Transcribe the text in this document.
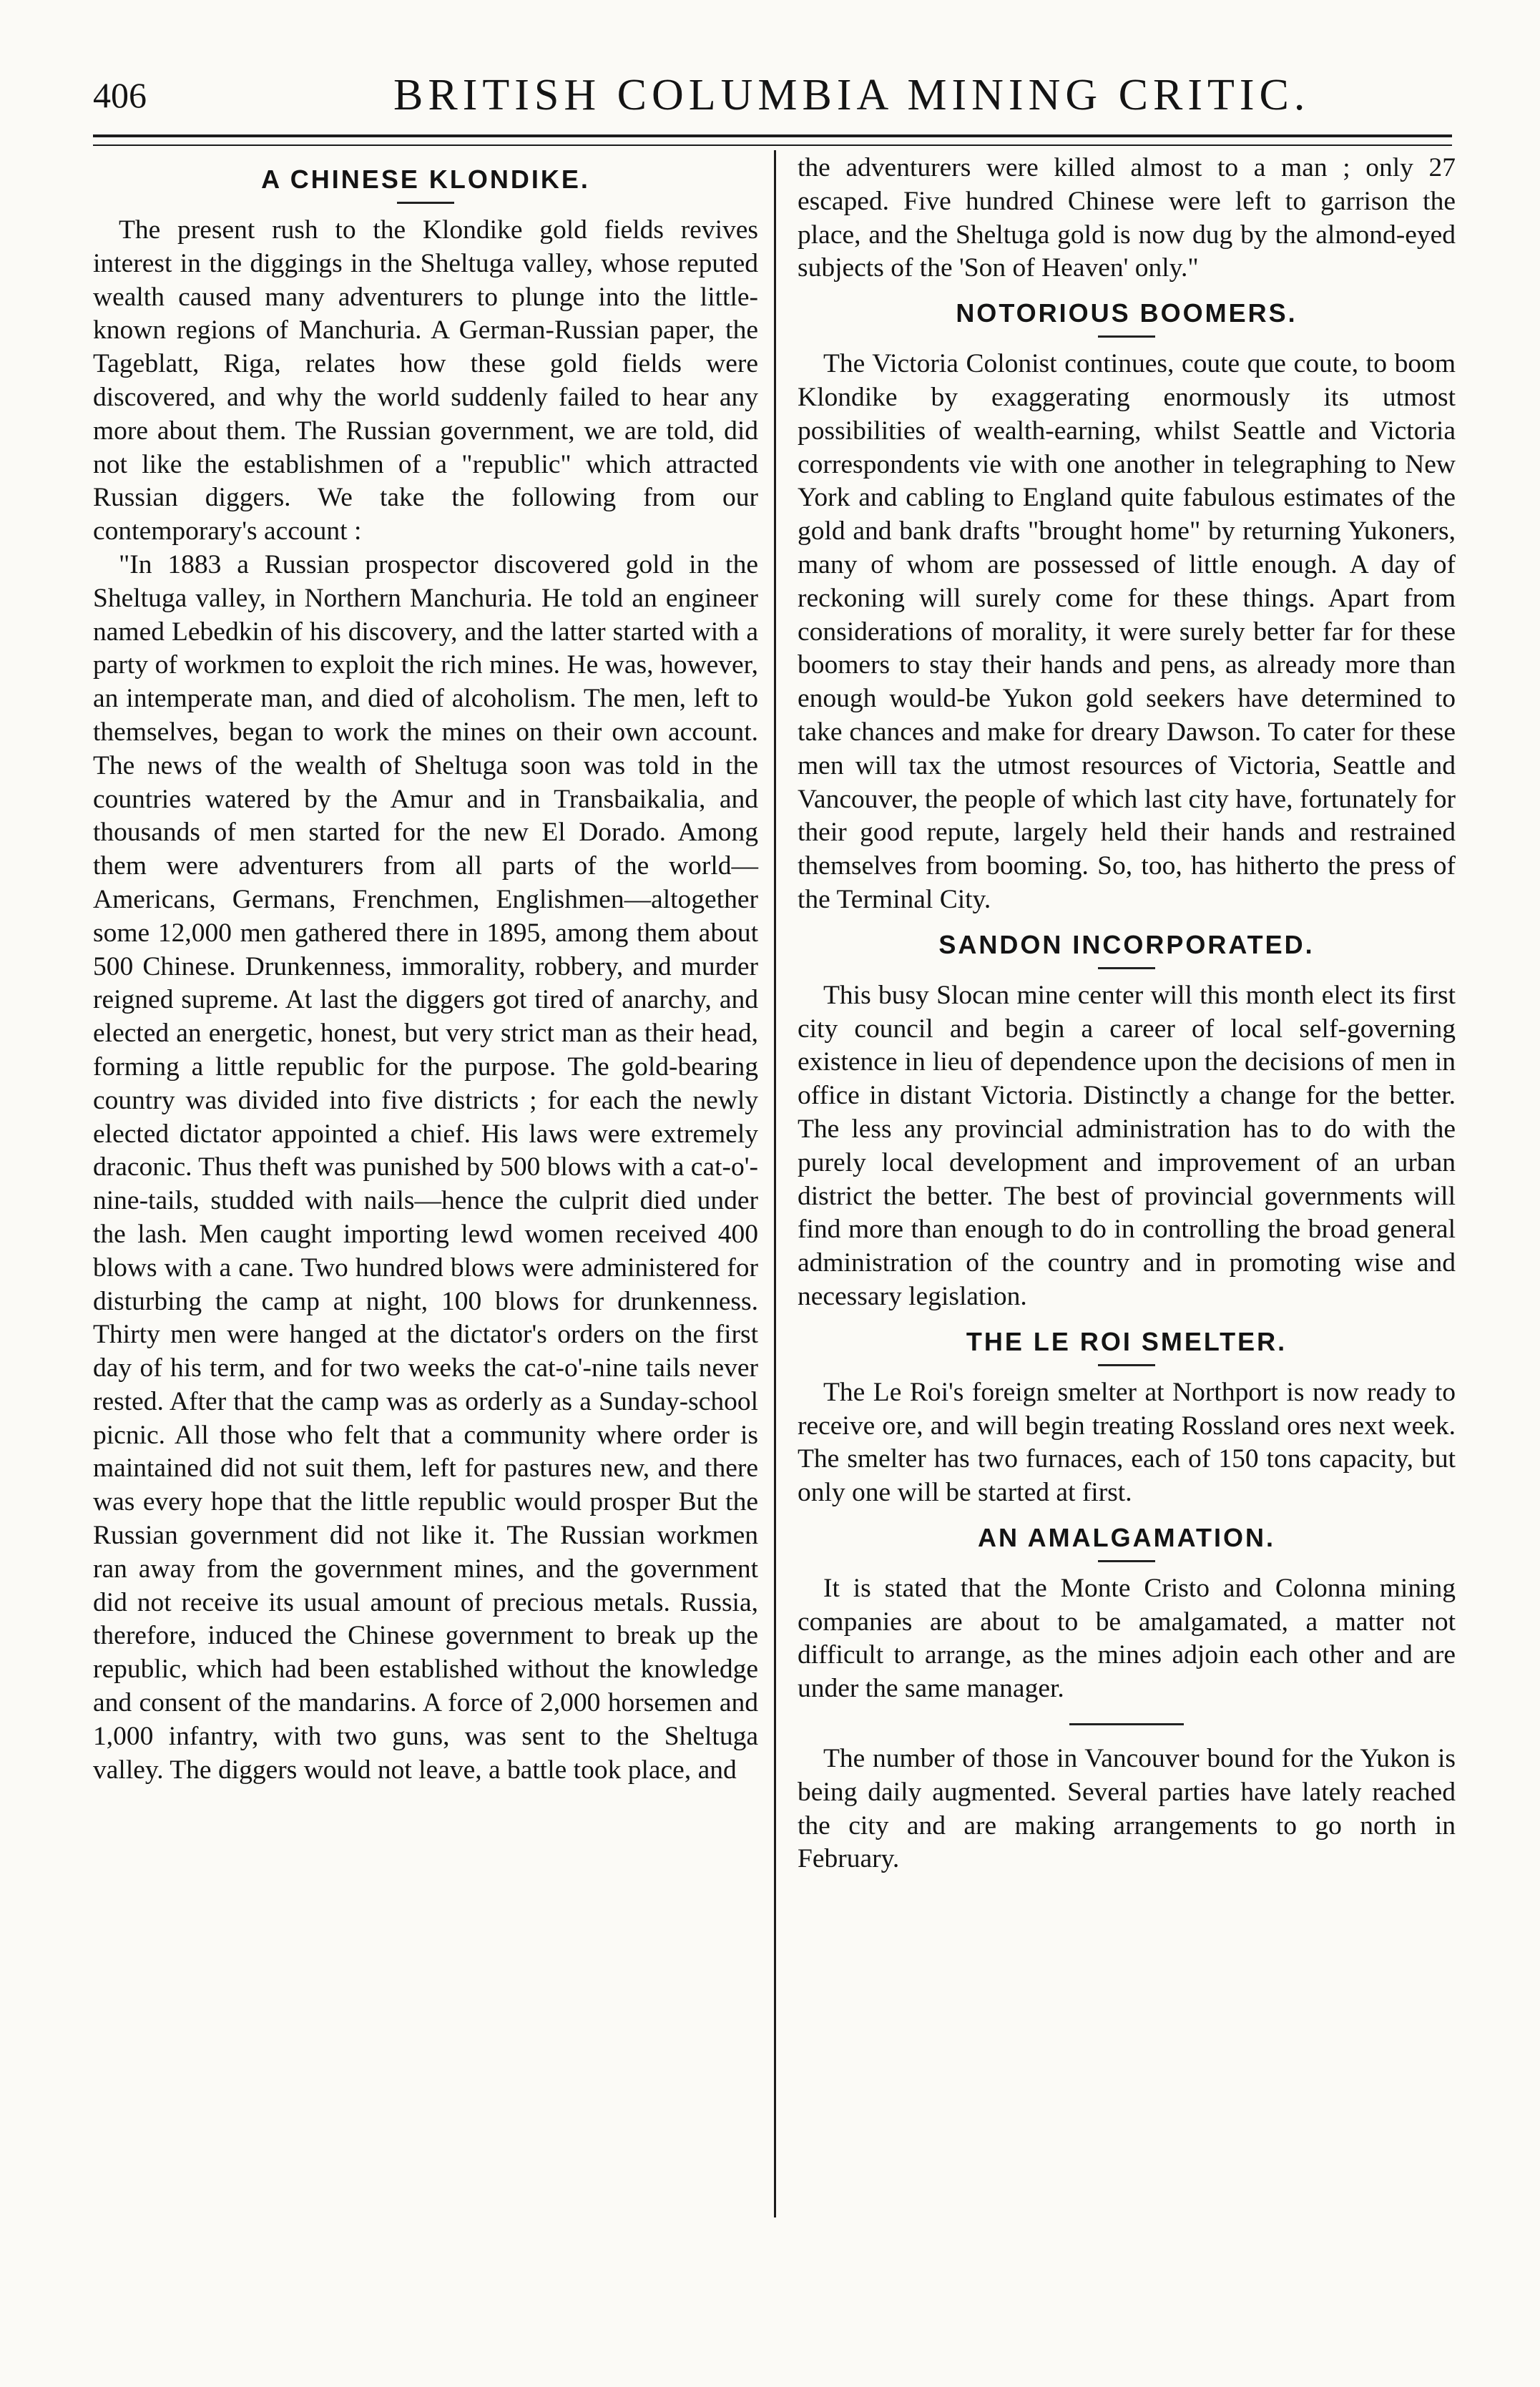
406	BRITISH COLUMBIA MINING CRITIC.
A CHINESE KLONDIKE.

The present rush to the Klondike gold fields revives interest in the diggings in the Sheltuga valley, whose reputed wealth caused many adventurers to plunge into the little-known regions of Manchuria. A German-Russian paper, the Tageblatt, Riga, relates how these gold fields were discovered, and why the world suddenly failed to hear any more about them. The Russian government, we are told, did not like the establishmen of a "republic" which attracted Russian diggers. We take the following from our contemporary's account :

"In 1883 a Russian prospector discovered gold in the Sheltuga valley, in Northern Manchuria. He told an engineer named Lebedkin of his discovery, and the latter started with a party of workmen to exploit the rich mines. He was, however, an intemperate man, and died of alcoholism. The men, left to themselves, began to work the mines on their own account. The news of the wealth of Sheltuga soon was told in the countries watered by the Amur and in Transbaikalia, and thousands of men started for the new El Dorado. Among them were adventurers from all parts of the world—Americans, Germans, Frenchmen, Englishmen—altogether some 12,000 men gathered there in 1895, among them about 500 Chinese. Drunkenness, immorality, robbery, and murder reigned supreme. At last the diggers got tired of anarchy, and elected an energetic, honest, but very strict man as their head, forming a little republic for the purpose. The gold-bearing country was divided into five districts ; for each the newly elected dictator appointed a chief. His laws were extremely draconic. Thus theft was punished by 500 blows with a cat-o'-nine-tails, studded with nails—hence the culprit died under the lash. Men caught importing lewd women received 400 blows with a cane. Two hundred blows were administered for disturbing the camp at night, 100 blows for drunkenness. Thirty men were hanged at the dictator's orders on the first day of his term, and for two weeks the cat-o'-nine tails never rested. After that the camp was as orderly as a Sunday-school picnic. All those who felt that a community where order is maintained did not suit them, left for pastures new, and there was every hope that the little republic would prosper But the Russian government did not like it. The Russian workmen ran away from the government mines, and the government did not receive its usual amount of precious metals. Russia, therefore, induced the Chinese government to break up the republic, which had been established without the knowledge and consent of the mandarins. A force of 2,000 horsemen and 1,000 infantry, with two guns, was sent to the Sheltuga valley. The diggers would not leave, a battle took place, and

the adventurers were killed almost to a man ; only 27 escaped. Five hundred Chinese were left to garrison the place, and the Sheltuga gold is now dug by the almond-eyed subjects of the 'Son of Heaven' only."

NOTORIOUS BOOMERS.

The Victoria Colonist continues, coute que coute, to boom Klondike by exaggerating enormously its utmost possibilities of wealth-earning, whilst Seattle and Victoria correspondents vie with one another in telegraphing to New York and cabling to England quite fabulous estimates of the gold and bank drafts "brought home" by returning Yukoners, many of whom are possessed of little enough. A day of reckoning will surely come for these things. Apart from considerations of morality, it were surely better far for these boomers to stay their hands and pens, as already more than enough would-be Yukon gold seekers have determined to take chances and make for dreary Dawson. To cater for these men will tax the utmost resources of Victoria, Seattle and Vancouver, the people of which last city have, fortunately for their good repute, largely held their hands and restrained themselves from booming. So, too, has hitherto the press of the Terminal City.

SANDON INCORPORATED.

This busy Slocan mine center will this month elect its first city council and begin a career of local self-governing existence in lieu of dependence upon the decisions of men in office in distant Victoria. Distinctly a change for the better. The less any provincial administration has to do with the purely local development and improvement of an urban district the better. The best of provincial governments will find more than enough to do in controlling the broad general administration of the country and in promoting wise and necessary legislation.

THE LE ROI SMELTER.

The Le Roi's foreign smelter at Northport is now ready to receive ore, and will begin treating Rossland ores next week. The smelter has two furnaces, each of 150 tons capacity, but only one will be started at first.

AN AMALGAMATION.

It is stated that the Monte Cristo and Colonna mining companies are about to be amalgamated, a matter not difficult to arrange, as the mines adjoin each other and are under the same manager.

The number of those in Vancouver bound for the Yukon is being daily augmented. Several parties have lately reached the city and are making arrangements to go north in February.
